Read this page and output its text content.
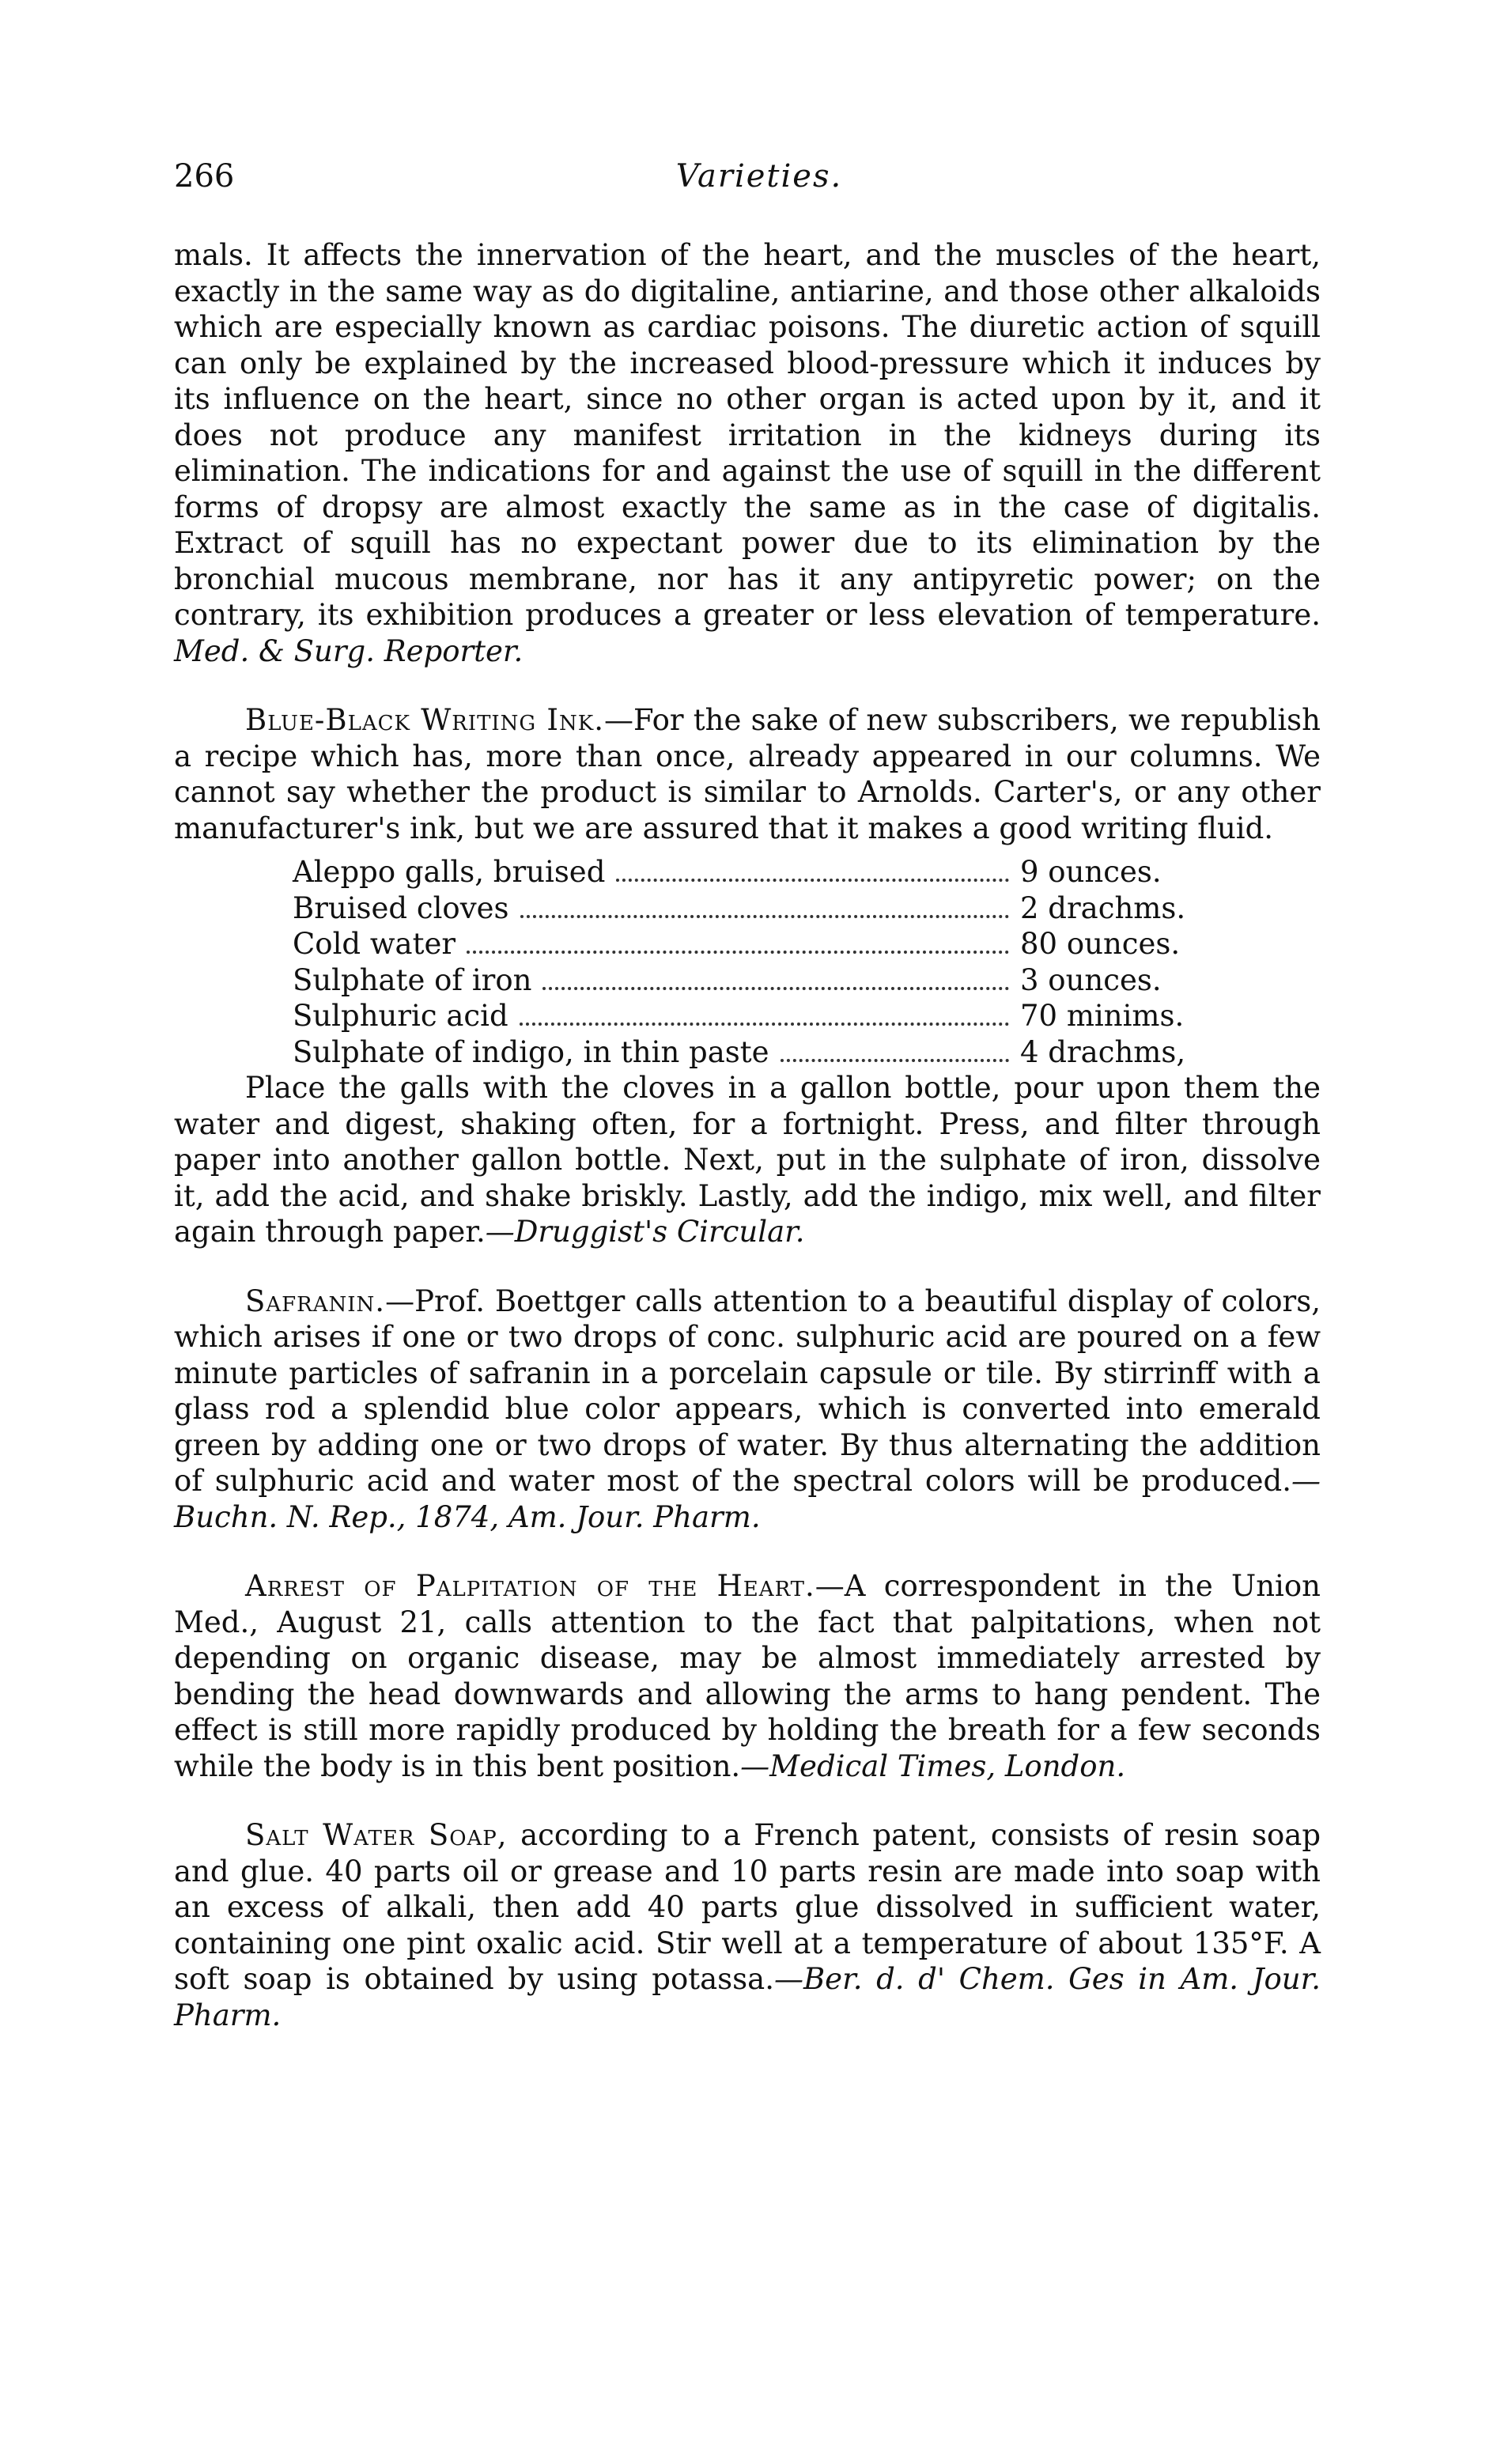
266	Varieties.

mals. It affects the innervation of the heart, and the muscles of the heart, exactly in the same way as do digitaline, antiarine, and those other alkaloids which are especially known as cardiac poisons. The diuretic action of squill can only be explained by the increased blood-pressure which it induces by its influence on the heart, since no other organ is acted upon by it, and it does not produce any manifest irritation in the kidneys during its elimination. The indications for and against the use of squill in the different forms of dropsy are almost exactly the same as in the case of digitalis. Extract of squill has no expectant power due to its elimination by the bronchial mucous membrane, nor has it any antipyretic power; on the contrary, its exhibition produces a greater or less elevation of temperature. Med. & Surg. Reporter.

Blue-Black Writing Ink.—For the sake of new subscribers, we republish a recipe which has, more than once, already appeared in our columns. We cannot say whether the product is similar to Arnolds. Carter's, or any other manufacturer's ink, but we are assured that it makes a good writing fluid.

Aleppo galls, bruised	9 ounces.
Bruised cloves	2 drachms.
Cold water	80 ounces.
Sulphate of iron	3 ounces.
Sulphuric acid	70 minims.
Sulphate of indigo, in thin paste	4 drachms,

Place the galls with the cloves in a gallon bottle, pour upon them the water and digest, shaking often, for a fortnight. Press, and filter through paper into another gallon bottle. Next, put in the sulphate of iron, dissolve it, add the acid, and shake briskly. Lastly, add the indigo, mix well, and filter again through paper.—Druggist's Circular.

Safranin.—Prof. Boettger calls attention to a beautiful display of colors, which arises if one or two drops of conc. sulphuric acid are poured on a few minute particles of safranin in a porcelain capsule or tile. By stirrinff with a glass rod a splendid blue color appears, which is converted into emerald green by adding one or two drops of water. By thus alternating the addition of sulphuric acid and water most of the spectral colors will be produced.—Buchn. N. Rep., 1874, Am. Jour. Pharm.

Arrest of Palpitation of the Heart.—A correspondent in the Union Med., August 21, calls attention to the fact that palpitations, when not depending on organic disease, may be almost immediately arrested by bending the head downwards and allowing the arms to hang pendent. The effect is still more rapidly produced by holding the breath for a few seconds while the body is in this bent position.—Medical Times, London.

Salt Water Soap, according to a French patent, consists of resin soap and glue. 40 parts oil or grease and 10 parts resin are made into soap with an excess of alkali, then add 40 parts glue dissolved in sufficient water, containing one pint oxalic acid. Stir well at a temperature of about 135°F. A soft soap is obtained by using potassa.—Ber. d. d' Chem. Ges in Am. Jour. Pharm.
